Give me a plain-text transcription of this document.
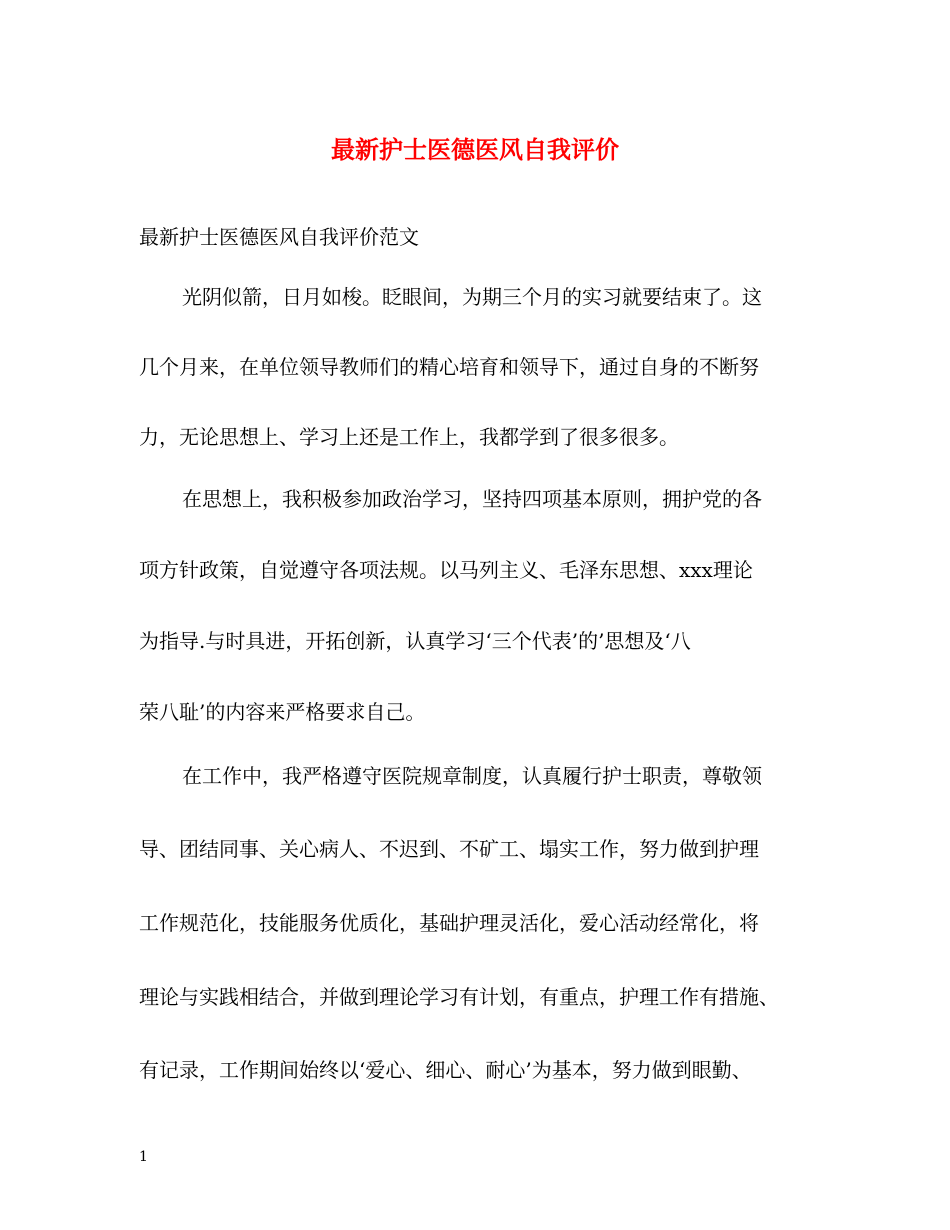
最新护士医德医风自我评价

最新护士医德医风自我评价范文

光阴似箭，日月如梭。眨眼间，为期三个月的实习就要结束了。这

几个月来，在单位领导教师们的精心培育和领导下，通过自身的不断努

力，无论思想上、学习上还是工作上，我都学到了很多很多。

在思想上，我积极参加政治学习，坚持四项基本原则，拥护党的各

项方针政策，自觉遵守各项法规。以马列主义、毛泽东思想、xxx理论

为指导.与时具进，开拓创新，认真学习‘三个代表’的’思想及‘八

荣八耻’的内容来严格要求自己。

在工作中，我严格遵守医院规章制度，认真履行护士职责，尊敬领

导、团结同事、关心病人、不迟到、不矿工、塌实工作，努力做到护理

工作规范化，技能服务优质化，基础护理灵活化，爱心活动经常化，将

理论与实践相结合，并做到理论学习有计划，有重点，护理工作有措施、

有记录，工作期间始终以‘爱心、细心、耐心’为基本，努力做到眼勤、

1
